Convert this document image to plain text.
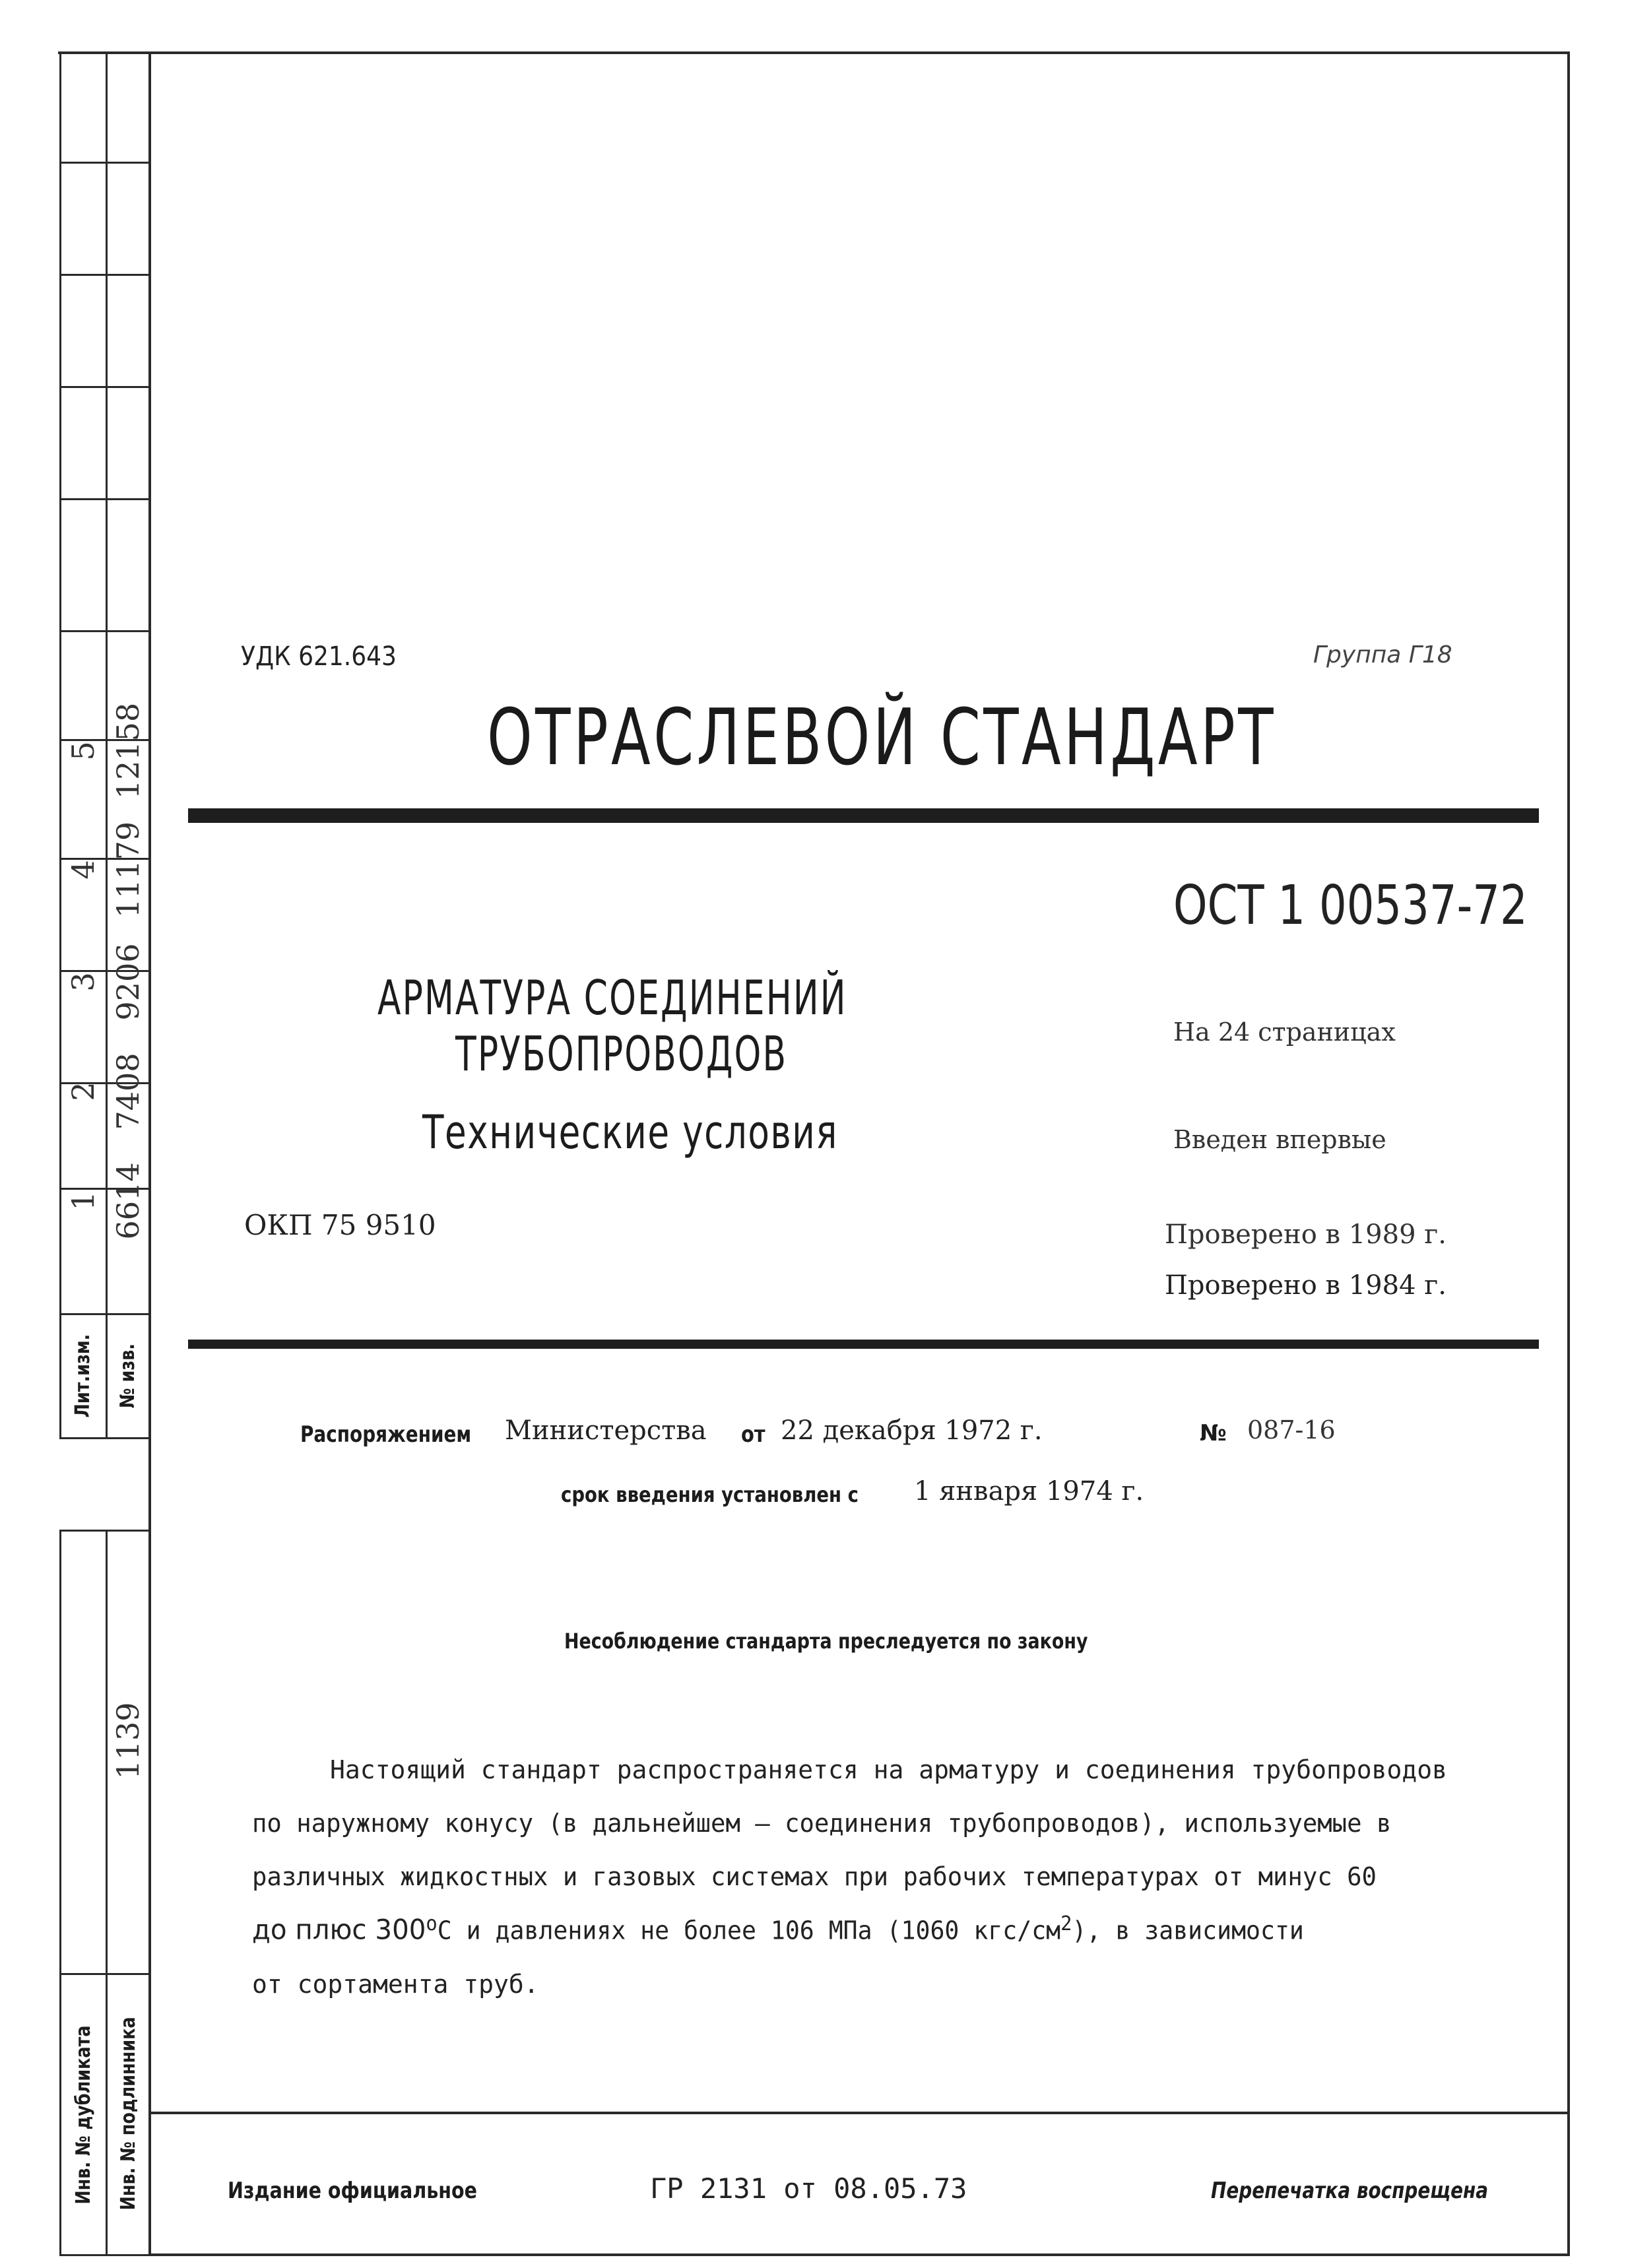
5 12158
4 11179
3 9206
2 7408
1 6614
Лит.изм. № изв.
1139
Инв. № дубликата Инв. № подлинника
УДК 621.643	Группа Г18
ОТРАСЛЕВОЙ СТАНДАРТ
ОСТ 1 00537-72
АРМАТУРА СОЕДИНЕНИЙ
ТРУБОПРОВОДОВ
Технические условия
На 24 страницах
Введен впервые
ОКП 75 9510	Проверено в 1989 г.
Проверено в 1984 г.
Распоряжением Министерства от 22 декабря 1972 г.	№ 087-16
срок введения установлен с 1 января 1974 г.
Несоблюдение стандарта преследуется по закону
Настоящий стандарт распространяется на арматуру и соединения трубопроводов
по наружному конусу (в дальнейшем – соединения трубопроводов), используемые в
различных жидкостных и газовых системах при рабочих температурах от минус 60
до плюс $300^оС$ и давлениях не более 106 МПа (1060 кгс/$см^2$), в зависимости
от сортамента труб.
Издание официальное	ГР 2131 от 08.05.73	Перепечатка воспрещена
